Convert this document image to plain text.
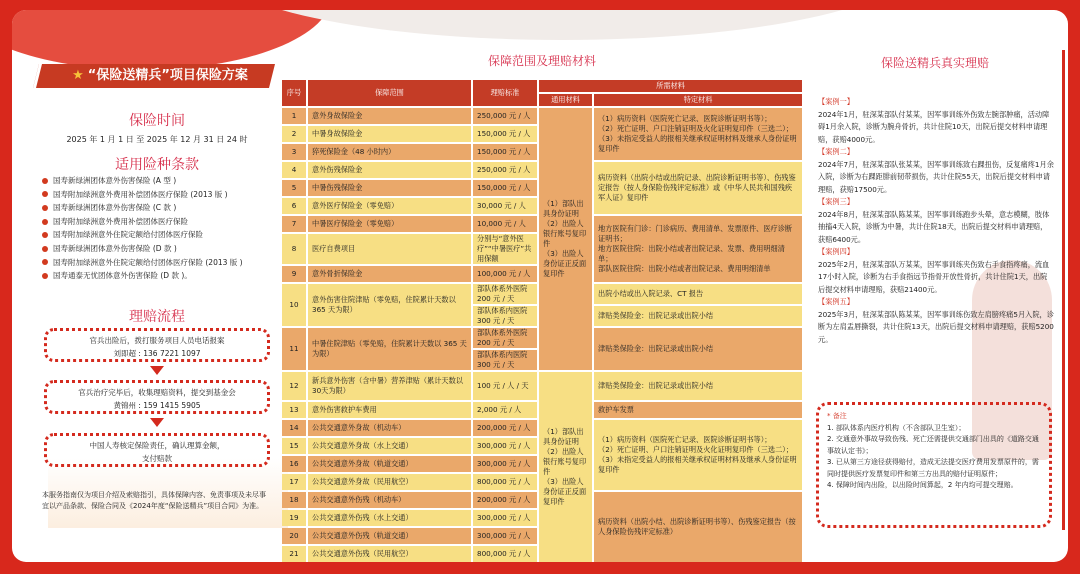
★ “保险送精兵”项目保险方案
保险时间
2025 年 1 月 1 日 至 2025 年 12 月 31 日 24 时
适用险种条款
国寿新绿洲团体意外伤害保险 (A 型 )
国寿附加绿洲意外费用补偿团体医疗保险 (2013 版 )
国寿新绿洲团体意外伤害保险 (C 款 )
国寿附加绿洲意外费用补偿团体医疗保险
国寿附加绿洲意外住院定额给付团体医疗保险
国寿新绿洲团体意外伤害保险 (D 款 )
国寿附加绿洲意外住院定额给付团体医疗保险 (2013 版 )
国寿通泰无忧团体意外伤害保险 (D 款 )。
理赔流程
官兵出险后，拨打服务项目人员电话报案
刘即超 : 136 7221 1097
官兵治疗完毕后，收集理赔资料，提交到基金会
黄锦州 : 159 1415 5905
中国人寿核定保险责任，确认理算金额，
支付赔款
本服务指南仅为项目介绍及索赔指引，具体保障内容、免责事项及未尽事宜以产品条款、保险合同及《2024年度“保险送精兵”项目合同》为准。
保障范围及理赔材料
序号	保障范围	理赔标准	所需材料	
			通用材料	特定材料
1	意外身故保险金	250,000 元 / 人	（1）部队出具身份证明
（2）出险人银行账号复印件
（3）出险人身份证正反面复印件	（1）病历资料（医院死亡记录、医院诊断证明书等）；
（2）死亡证明、户口注销证明及火化证明复印件（三选二）；
（3）未指定受益人的报相关继承权证明材料及继承人身份证明复印件
2	中暑身故保险金	150,000 元 / 人		
3	猝死保险金（48 小时内）	150,000 元 / 人		
4	意外伤残保险金	250,000 元 / 人		病历资料（出院小结或出院记录、出院诊断证明书等）、伤残鉴定报告（按人身保险伤残评定标准）或《中华人民共和国残疾军人证》复印件
5	中暑伤残保险金	150,000 元 / 人		
6	意外医疗保险金（零免赔）	30,000 元 / 人		
7	中暑医疗保险金（零免赔）	10,000 元 / 人		地方医院有门诊：门诊病历、费用清单、发票原件、医疗诊断证明书；
地方医院住院：出院小结或者出院记录、发票、费用明细清单；
部队医院住院：出院小结或者出院记录、费用明细清单
8	医疗自费项目	分别与“意外医疗”“中暑医疗”共用保额		
9	意外骨折保险金	100,000 元 / 人		
10	意外伤害住院津贴（零免赔，住院累计天数以 365 天为限）	部队体系外医院 200 元 / 天		出院小结或出入院记录、CT 报告
		部队体系内医院 300 元 / 天		津贴类保险金：出院记录或出院小结
11	中暑住院津贴（零免赔，住院累计天数以 365 天为限）	部队体系外医院 200 元 / 天		津贴类保险金：出院记录或出院小结
		部队体系内医院 300 元 / 天		
12	新兵意外伤害（含中暑）营养津贴（累计天数以30天为限）	100 元 / 人 / 天	（1）部队出具身份证明
（2）出险人银行账号复印件
（3）出险人身份证正反面复印件	津贴类保险金：出院记录或出院小结
13	意外伤害救护车费用	2,000 元 / 人		救护车发票
14	公共交通意外身故（机动车）	200,000 元 / 人		（1）病历资料（医院死亡记录、医院诊断证明书等）；
（2）死亡证明、户口注销证明及火化证明复印件（三选二）；
（3）未指定受益人的报相关继承权证明材料及继承人身份证明复印件
15	公共交通意外身故（水上交通）	300,000 元 / 人		
16	公共交通意外身故（轨道交通）	300,000 元 / 人		
17	公共交通意外身故（民用航空）	800,000 元 / 人		
18	公共交通意外伤残（机动车）	200,000 元 / 人		病历资料（出院小结、出院诊断证明书等）、伤残鉴定报告（按人身保险伤残评定标准）
19	公共交通意外伤残（水上交通）	300,000 元 / 人		
20	公共交通意外伤残（轨道交通）	300,000 元 / 人		
21	公共交通意外伤残（民用航空）	800,000 元 / 人		
保险送精兵真实理赔
【案例一】
2024年1月，驻深某部队付某某，因军事训练外伤致左腕部肿痛，活动障碍1月余入院，诊断为腕舟骨折，共计住院10天，出院后提交材料申请理赔，获赔4000元。
【案例二】
2024年7月，驻深某部队张某某，因军事训练致右踝扭伤，反复痛疼1月余入院，诊断为右踝距腓前韧带损伤，共计住院55天，出院后提交材料申请理赔，获赔17500元。
【案例三】
2024年8月，驻深某部队陈某某，因军事训练跑步头晕，意志模糊，肢体抽搐4天入院，诊断为中暑，共计住院18天，出院后提交材料申请理赔，获赔6400元。
【案例四】
2025年2月，驻深某部队万某某，因军事训练夹伤致右手食指疼痛，流血17小时入院，诊断为右手食指远节指骨开放性骨折，共计住院1天，出院后提交材料申请理赔，获赔21400元。
【案例五】
2025年3月，驻深某部队陈某某，因军事训练伤致左肩膀疼痛5月入院，诊断为左肩盂唇撕裂，共计住院13天，出院后提交材料申请理赔，获赔5200元。
* 备注
1. 部队体系内医疗机构（不含部队卫生室）；
2. 交通意外事故导致伤残、死亡还需提供交通部门出具的《道路交通事故认定书》；
3. 已从第三方途径获得赔付，造成无法提交医疗费用发票原件的，需同时提供医疗发票复印件和第三方出具的赔付证明原件；
4. 保障时间内出险，以出险时间算起，2 年内均可提交理赔。
